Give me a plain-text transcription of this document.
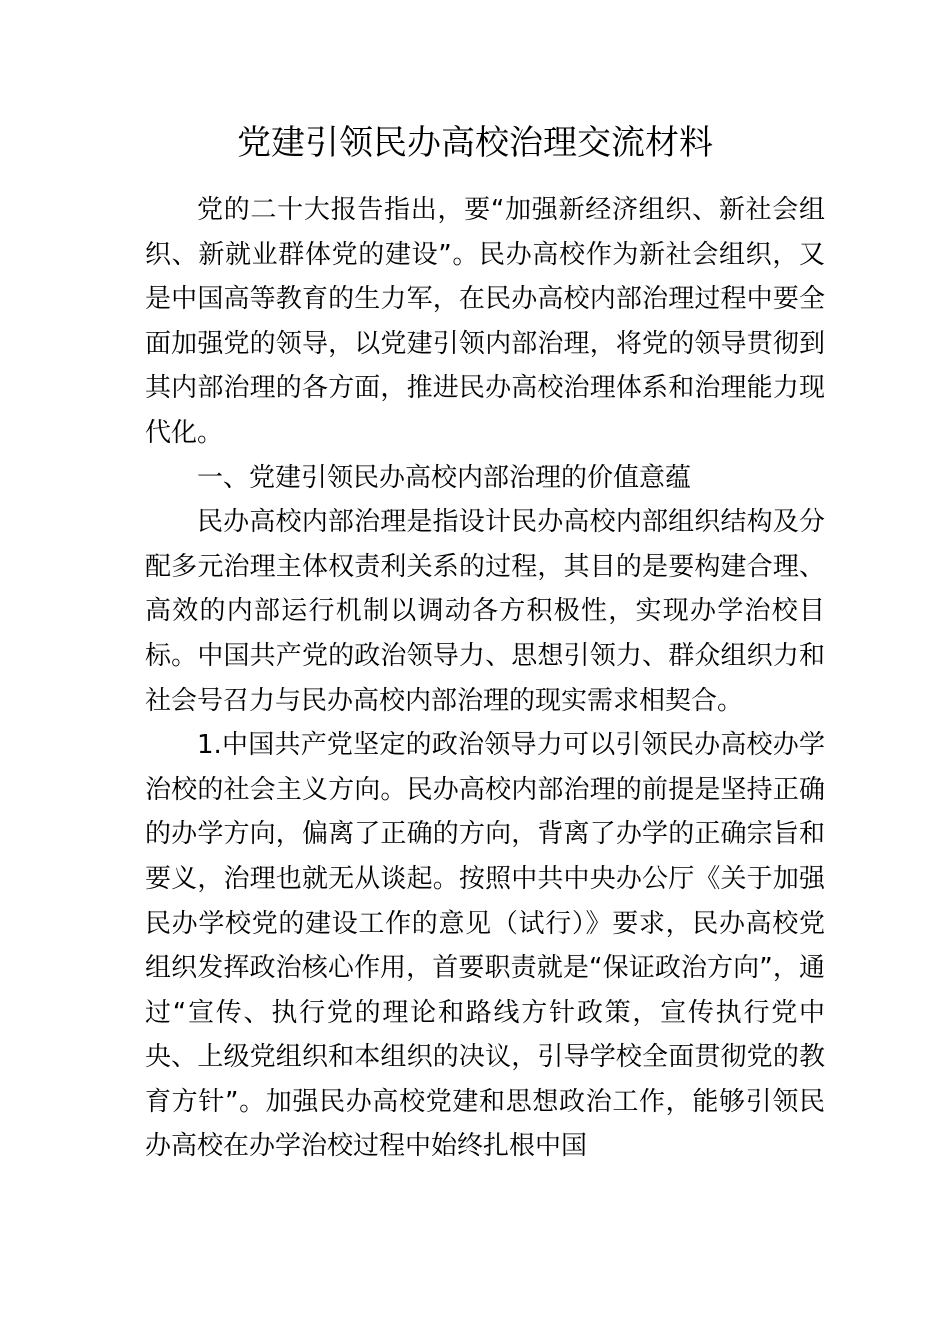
党建引领民办高校治理交流材料

党的二十大报告指出，要“加强新经济组织、新社会组织、新就业群体党的建设”。民办高校作为新社会组织，又是中国高等教育的生力军，在民办高校内部治理过程中要全面加强党的领导，以党建引领内部治理，将党的领导贯彻到其内部治理的各方面，推进民办高校治理体系和治理能力现代化。

一、党建引领民办高校内部治理的价值意蕴

民办高校内部治理是指设计民办高校内部组织结构及分配多元治理主体权责利关系的过程，其目的是要构建合理、高效的内部运行机制以调动各方积极性，实现办学治校目标。中国共产党的政治领导力、思想引领力、群众组织力和社会号召力与民办高校内部治理的现实需求相契合。

1.中国共产党坚定的政治领导力可以引领民办高校办学治校的社会主义方向。民办高校内部治理的前提是坚持正确的办学方向，偏离了正确的方向，背离了办学的正确宗旨和要义，治理也就无从谈起。按照中共中央办公厅《关于加强民办学校党的建设工作的意见（试行）》要求，民办高校党组织发挥政治核心作用，首要职责就是“保证政治方向”，通过“宣传、执行党的理论和路线方针政策，宣传执行党中央、上级党组织和本组织的决议，引导学校全面贯彻党的教育方针”。加强民办高校党建和思想政治工作，能够引领民办高校在办学治校过程中始终扎根中国
